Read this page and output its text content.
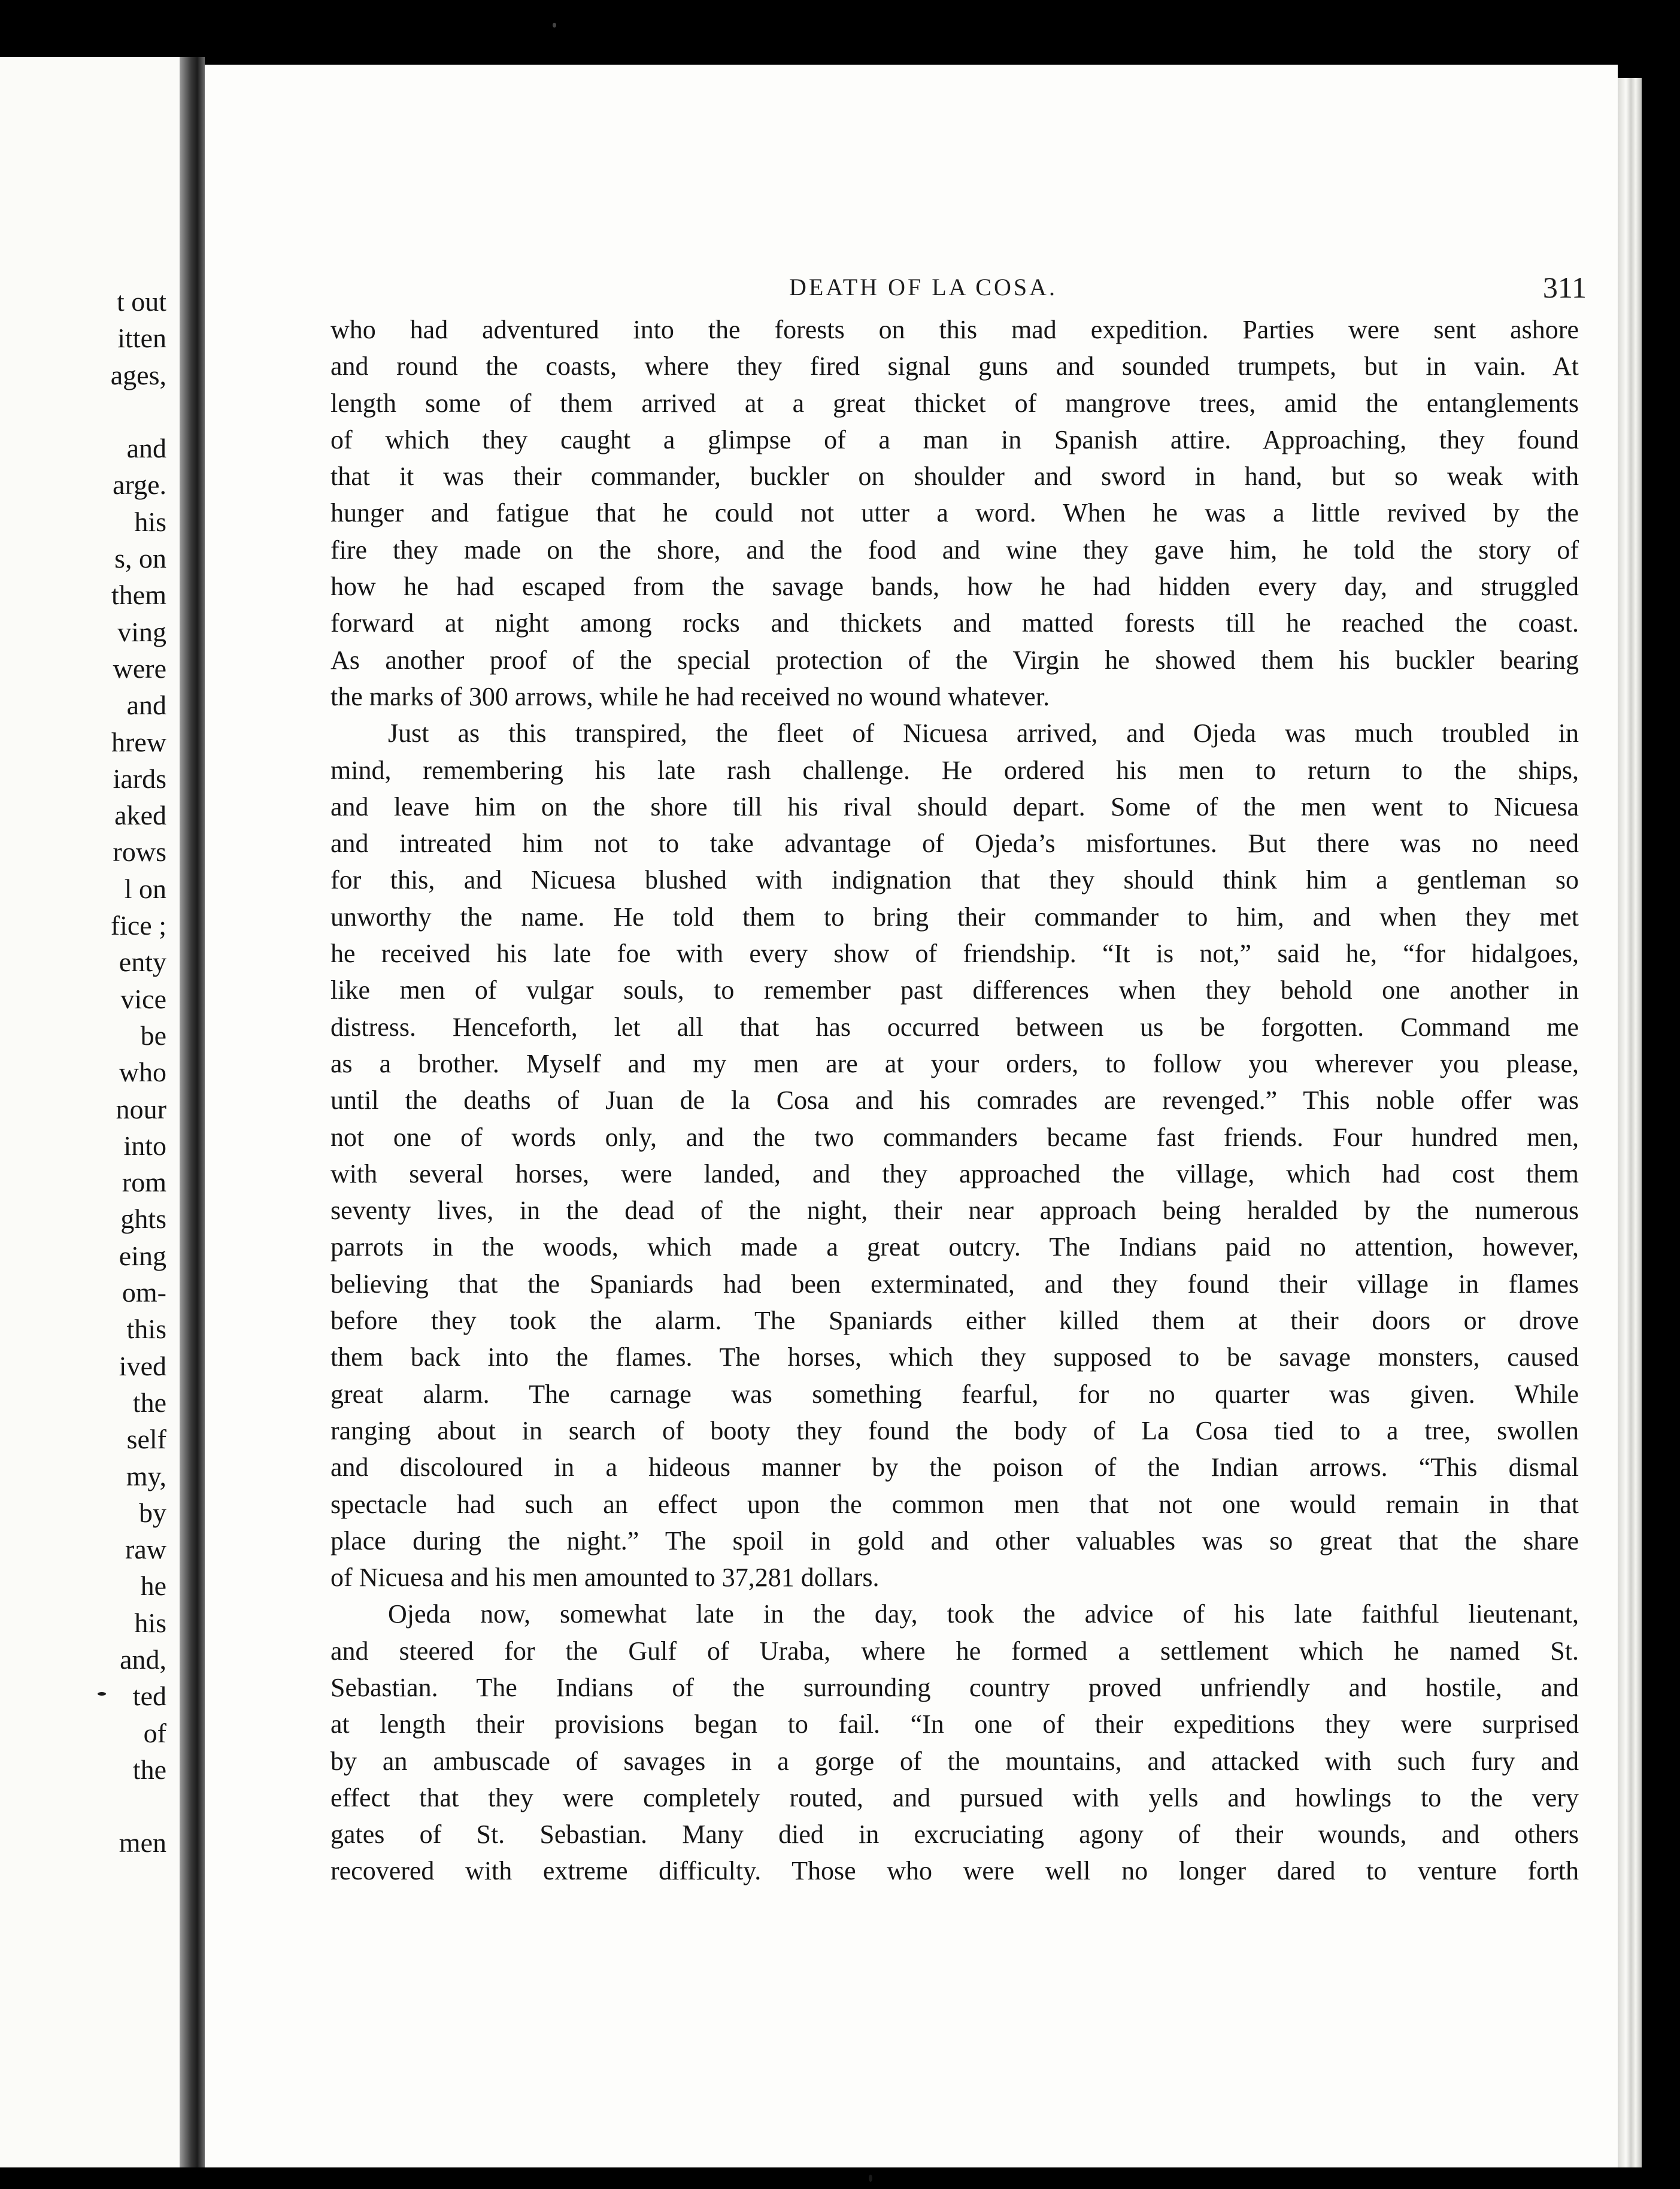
t out
itten
ages,

and
arge.
his
s, on
them
ving
were
and
hrew
iards
aked
rows
l on
fice ;
enty
vice
be
who
nour
into
rom
ghts
eing
om-
this
ived
the
self
my,
by
raw
he
his
and,
ted
of
the

men
DEATH OF LA COSA.	311
who had adventured into the forests on this mad expedition. Parties were sent ashore
and round the coasts, where they fired signal guns and sounded trumpets, but in vain. At
length some of them arrived at a great thicket of mangrove trees, amid the entanglements
of which they caught a glimpse of a man in Spanish attire. Approaching, they found
that it was their commander, buckler on shoulder and sword in hand, but so weak with
hunger and fatigue that he could not utter a word. When he was a little revived by the
fire they made on the shore, and the food and wine they gave him, he told the story of
how he had escaped from the savage bands, how he had hidden every day, and struggled
forward at night among rocks and thickets and matted forests till he reached the coast.
As another proof of the special protection of the Virgin he showed them his buckler bearing
the marks of 300 arrows, while he had received no wound whatever.
Just as this transpired, the fleet of Nicuesa arrived, and Ojeda was much troubled in
mind, remembering his late rash challenge. He ordered his men to return to the ships,
and leave him on the shore till his rival should depart. Some of the men went to Nicuesa
and intreated him not to take advantage of Ojeda’s misfortunes. But there was no need
for this, and Nicuesa blushed with indignation that they should think him a gentleman so
unworthy the name. He told them to bring their commander to him, and when they met
he received his late foe with every show of friendship. “It is not,” said he, “for hidalgoes,
like men of vulgar souls, to remember past differences when they behold one another in
distress. Henceforth, let all that has occurred between us be forgotten. Command me
as a brother. Myself and my men are at your orders, to follow you wherever you please,
until the deaths of Juan de la Cosa and his comrades are revenged.” This noble offer was
not one of words only, and the two commanders became fast friends. Four hundred men,
with several horses, were landed, and they approached the village, which had cost them
seventy lives, in the dead of the night, their near approach being heralded by the numerous
parrots in the woods, which made a great outcry. The Indians paid no attention, however,
believing that the Spaniards had been exterminated, and they found their village in flames
before they took the alarm. The Spaniards either killed them at their doors or drove
them back into the flames. The horses, which they supposed to be savage monsters, caused
great alarm. The carnage was something fearful, for no quarter was given. While
ranging about in search of booty they found the body of La Cosa tied to a tree, swollen
and discoloured in a hideous manner by the poison of the Indian arrows. “This dismal
spectacle had such an effect upon the common men that not one would remain in that
place during the night.” The spoil in gold and other valuables was so great that the share
of Nicuesa and his men amounted to 37,281 dollars.
Ojeda now, somewhat late in the day, took the advice of his late faithful lieutenant,
and steered for the Gulf of Uraba, where he formed a settlement which he named St.
Sebastian. The Indians of the surrounding country proved unfriendly and hostile, and
at length their provisions began to fail. “In one of their expeditions they were surprised
by an ambuscade of savages in a gorge of the mountains, and attacked with such fury and
effect that they were completely routed, and pursued with yells and howlings to the very
gates of St. Sebastian. Many died in excruciating agony of their wounds, and others
recovered with extreme difficulty. Those who were well no longer dared to venture forth
